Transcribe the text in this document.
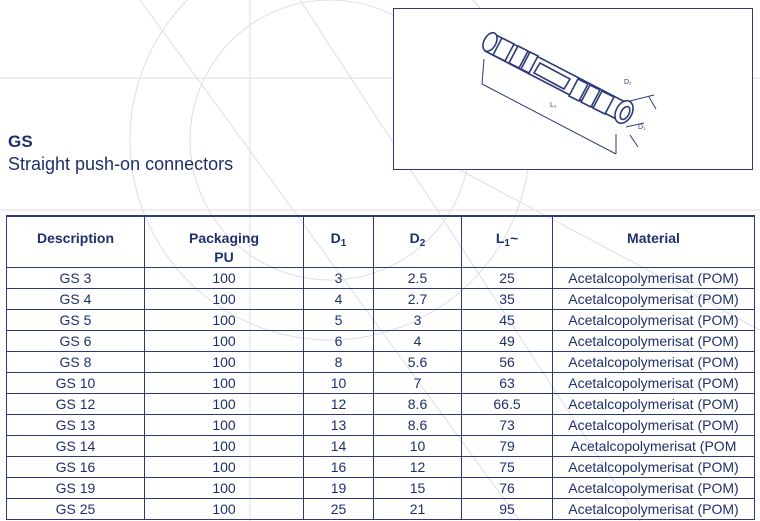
GS
Straight push-on connectors
D₂
D₁
L₁
Description	Packaging
PU	$D_1$	$D_2$	$L_1\sim$	Material
GS 3	100	3	2.5	25	Acetalcopolymerisat (POM)
GS 4	100	4	2.7	35	Acetalcopolymerisat (POM)
GS 5	100	5	3	45	Acetalcopolymerisat (POM)
GS 6	100	6	4	49	Acetalcopolymerisat (POM)
GS 8	100	8	5.6	56	Acetalcopolymerisat (POM)
GS 10	100	10	7	63	Acetalcopolymerisat (POM)
GS 12	100	12	8.6	66.5	Acetalcopolymerisat (POM)
GS 13	100	13	8.6	73	Acetalcopolymerisat (POM)
GS 14	100	14	10	79	Acetalcopolymerisat (POM
GS 16	100	16	12	75	Acetalcopolymerisat (POM)
GS 19	100	19	15	76	Acetalcopolymerisat (POM)
GS 25	100	25	21	95	Acetalcopolymerisat (POM)
